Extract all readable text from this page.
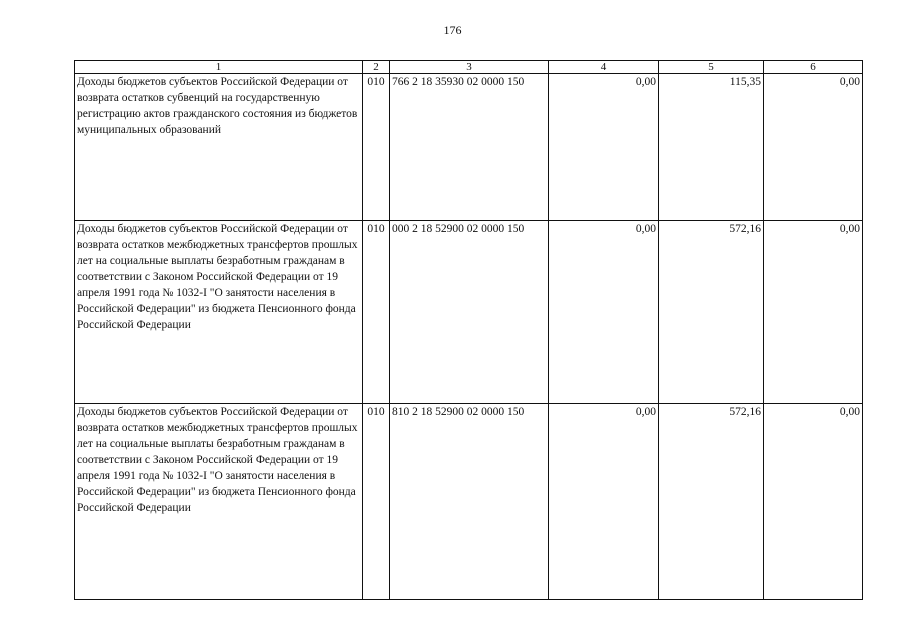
176
1	2	3	4	5	6
Доходы бюджетов субъектов Российской Федерации от возврата остатков субвенций на государственную регистрацию актов гражданского состояния из бюджетов муниципальных образований	010	766 2 18 35930 02 0000 150	0,00	115,35	0,00
Доходы бюджетов субъектов Российской Федерации от возврата остатков межбюджетных трансфертов прошлых лет на социальные выплаты безработным гражданам в соответствии с Законом Российской Федерации от 19 апреля 1991 года № 1032-I "О занятости населения в Российской Федерации" из бюджета Пенсионного фонда Российской Федерации	010	000 2 18 52900 02 0000 150	0,00	572,16	0,00
Доходы бюджетов субъектов Российской Федерации от возврата остатков межбюджетных трансфертов прошлых лет на социальные выплаты безработным гражданам в соответствии с Законом Российской Федерации от 19 апреля 1991 года № 1032-I "О занятости населения в Российской Федерации" из бюджета Пенсионного фонда Российской Федерации	010	810 2 18 52900 02 0000 150	0,00	572,16	0,00
